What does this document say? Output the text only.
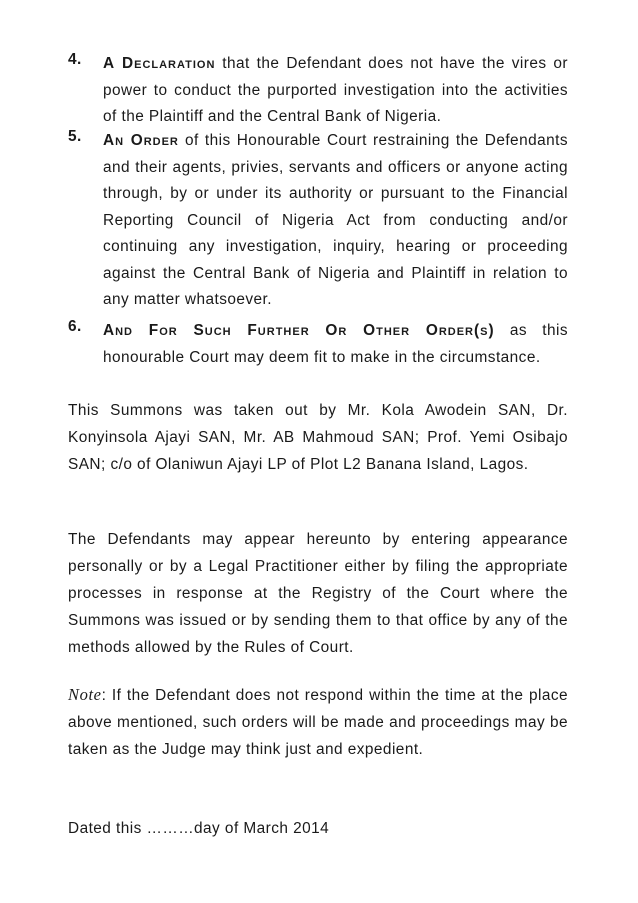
4. A Declaration that the Defendant does not have the vires or power to conduct the purported investigation into the activities of the Plaintiff and the Central Bank of Nigeria.
5. An Order of this Honourable Court restraining the Defendants and their agents, privies, servants and officers or anyone acting through, by or under its authority or pursuant to the Financial Reporting Council of Nigeria Act from conducting and/or continuing any investigation, inquiry, hearing or proceeding against the Central Bank of Nigeria and Plaintiff in relation to any matter whatsoever.
6. And For Such Further Or Other Order(s) as this honourable Court may deem fit to make in the circumstance.
This Summons was taken out by Mr. Kola Awodein SAN, Dr. Konyinsola Ajayi SAN, Mr. AB Mahmoud SAN; Prof. Yemi Osibajo SAN; c/o of Olaniwun Ajayi LP of Plot L2 Banana Island, Lagos.
The Defendants may appear hereunto by entering appearance personally or by a Legal Practitioner either by filing the appropriate processes in response at the Registry of the Court where the Summons was issued or by sending them to that office by any of the methods allowed by the Rules of Court.
Note: If the Defendant does not respond within the time at the place above mentioned, such orders will be made and proceedings may be taken as the Judge may think just and expedient.
Dated this ………day of March 2014
